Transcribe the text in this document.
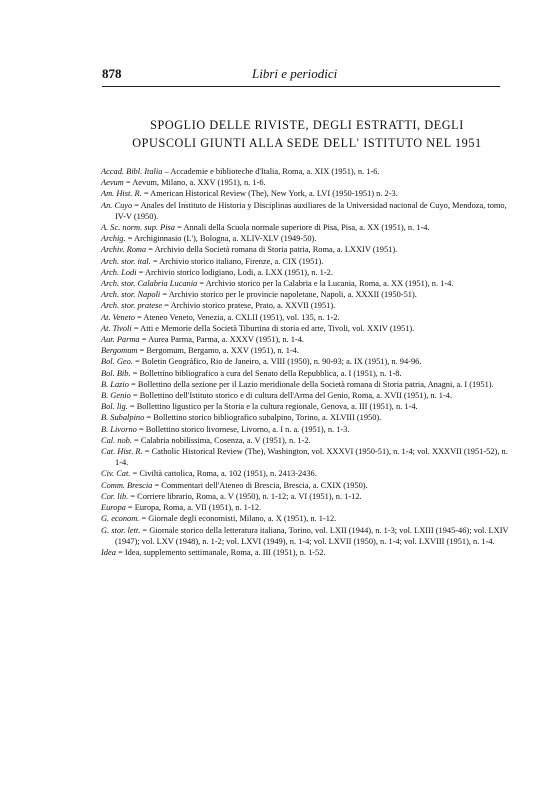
878	Libri e periodici
SPOGLIO DELLE RIVISTE, DEGLI ESTRATTI, DEGLI
OPUSCOLI GIUNTI ALLA SEDE DELL' ISTITUTO NEL 1951
Accad. Bibl. Italia – Accademie e biblioteche d'Italia, Roma, a. XIX (1951), n. 1-6.
Aevum = Aevum, Milano, a. XXV (1951), n. 1-6.
Am. Hist. R. = American Historical Review (The), New York, a. LVI (1950-1951) n. 2-3.
An. Cuyo = Anales del Instituto de Historia y Disciplinas auxiliares de la Universidad nacional de Cuyo, Mendoza, tomo, IV-V (1950).
A. Sc. norm. sup. Pisa = Annali della Scuola normale superiore di Pisa, Pisa, a. XX (1951), n. 1-4.
Archig. = Archiginnasio (L'), Bologna, a. XLIV-XLV (1949-50).
Archiv. Roma = Archivio della Società romana di Storia patria, Roma, a. LXXIV (1951).
Arch. stor. ital. = Archivio storico italiano, Firenze, a. CIX (1951).
Arch. Lodi = Archivio storico lodigiano, Lodi, a. LXX (1951), n. 1-2.
Arch. stor. Calabria Lucania = Archivio storico per la Calabria e la Lucania, Roma, a. XX (1951), n. 1-4.
Arch. stor. Napoli = Archivio storico per le provincie napoletane, Napoli, a. XXXII (1950-51).
Arch. stor. pratese = Archivio storico pratese, Prato, a. XXVII (1951).
At. Veneto = Ateneo Veneto, Venezia, a. CXLII (1951), vol. 135, n. 1-2.
At. Tivoli = Atti e Memorie della Società Tiburtina di storia ed arte, Tivoli, vol. XXIV (1951).
Aur. Parma = Aurea Parma, Parma, a. XXXV (1951), n. 1-4.
Bergomum = Bergomum, Bergamo, a. XXV (1951), n. 1-4.
Bol. Geo. = Boletin Geográfico, Rio de Janeiro, a. VIII (1950), n. 90-93; a. IX (1951), n. 94-96.
Bol. Bib. = Bollettino bibliografico a cura del Senato della Repubblica, a. I (1951), n. 1-8.
B. Lazio = Bollettino della sezione per il Lazio meridionale della Società romana di Storia patria, Anagni, a. I (1951).
B. Genio = Bollettino dell'Istituto storico e di cultura dell'Arma del Genio, Roma, a. XVII (1951), n. 1-4.
Bol. lig. = Bollettino ligustico per la Storia e la cultura regionale, Genova, a. III (1951), n. 1-4.
B. Subalpino = Bollettino storico bibliografico subalpino, Torino, a. XLVIII (1950).
B. Livorno = Bollettino storico livornese, Livorno, a. I n. a. (1951), n. 1-3.
Cal. nob. = Calabria nobilissima, Cosenza, a. V (1951), n. 1-2.
Cat. Hist. R. = Catholic Historical Review (The), Washington, vol. XXXVI (1950-51), n. 1-4; vol. XXXVII (1951-52), n. 1-4.
Civ. Cat. = Civiltà cattolica, Roma, a. 102 (1951), n. 2413-2436.
Comm. Brescia = Commentari dell'Ateneo di Brescia, Brescia, a. CXIX (1950).
Cor. lib. = Corriere librario, Roma, a. V (1950), n. 1-12; a. VI (1951), n. 1-12.
Europa = Europa, Roma, a. VII (1951), n. 1-12.
G. econom. = Giornale degli economisti, Milano, a. X (1951), n. 1-12.
G. stor. lett. = Giornale storico della letteratura italiana, Torino, vol. LXII (1944), n. 1-3; vol. LXIII (1945-46); vol. LXIV (1947); vol. LXV (1948), n. 1-2; vol. LXVI (1949), n. 1-4; vol. LXVII (1950), n. 1-4; vol. LXVIII (1951), n. 1-4.
Idea = Idea, supplemento settimanale, Roma, a. III (1951), n. 1-52.
